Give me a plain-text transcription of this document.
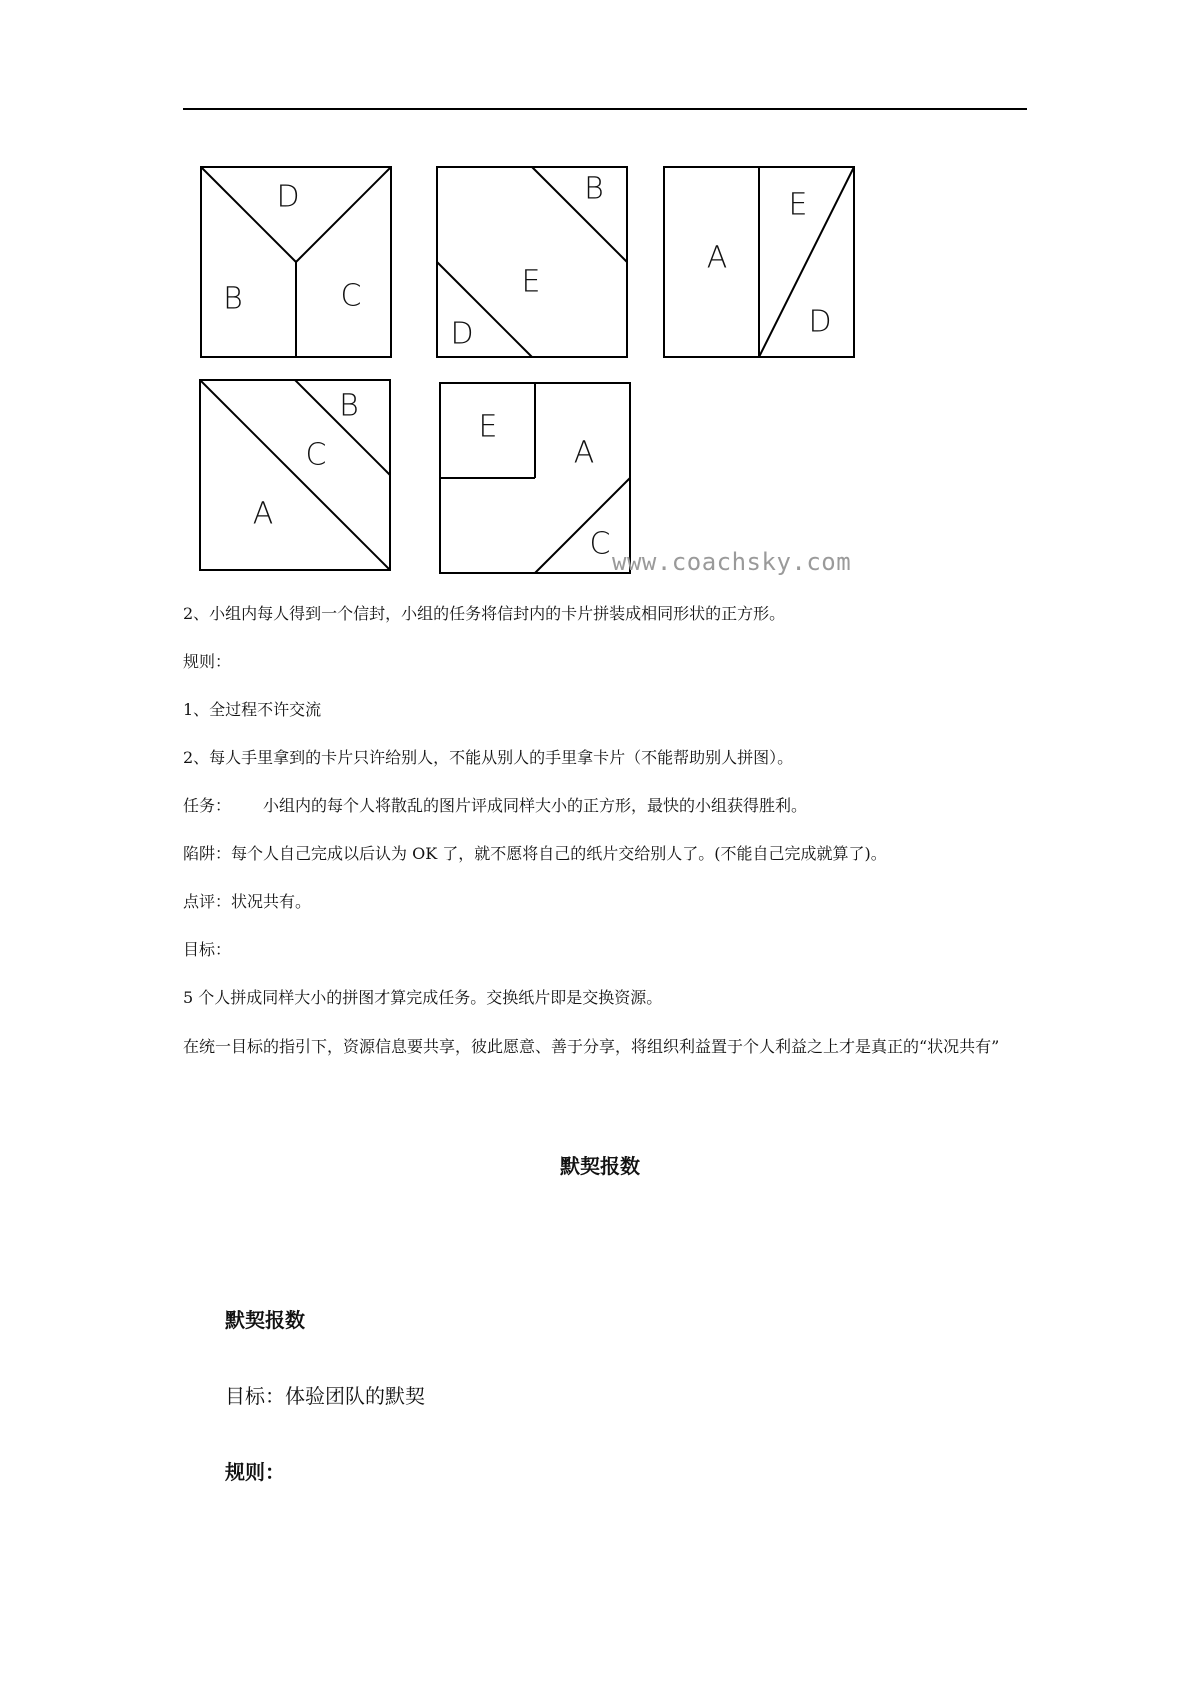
D
B	C
B
E
D
E
A
D
B
C
A
E
A
C
www.coachsky.com
2、小组内每人得到一个信封，小组的任务将信封内的卡片拼装成相同形状的正方形。
规则：
1、全过程不许交流
2、每人手里拿到的卡片只许给别人，不能从别人的手里拿卡片（不能帮助别人拼图）。
任务： 小组内的每个人将散乱的图片评成同样大小的正方形，最快的小组获得胜利。
陷阱：每个人自己完成以后认为 OK 了，就不愿将自己的纸片交给别人了。(不能自己完成就算了)。
点评：状况共有。
目标：
5 个人拼成同样大小的拼图才算完成任务。交换纸片即是交换资源。
在统一目标的指引下，资源信息要共享，彼此愿意、善于分享，将组织利益置于个人利益之上才是真正的“状况共有”
默契报数
默契报数
目标：体验团队的默契
规则：
